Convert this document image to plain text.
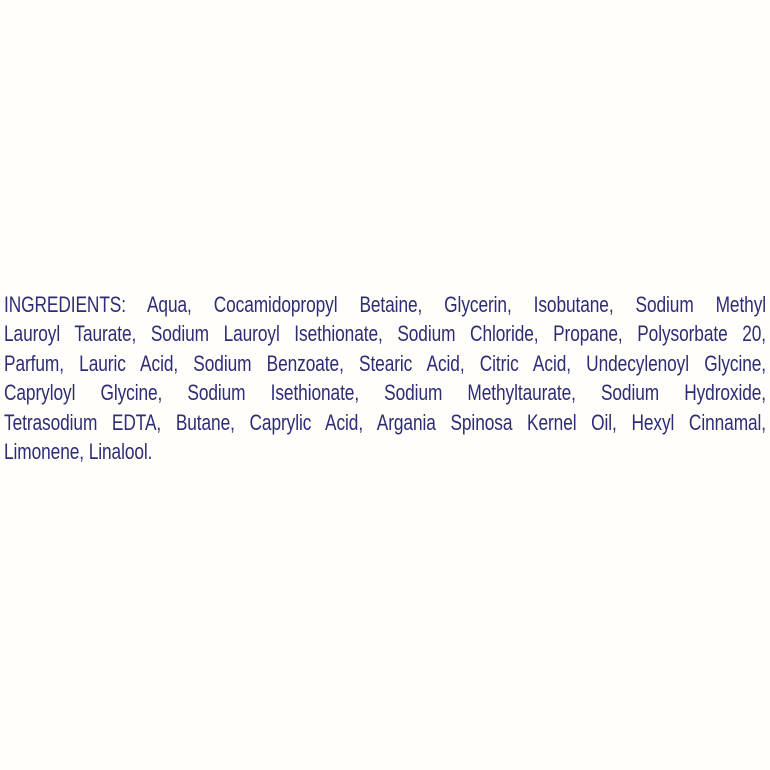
INGREDIENTS: Aqua, Cocamidopropyl Betaine, Glycerin, Isobutane, Sodium Methyl
Lauroyl Taurate, Sodium Lauroyl Isethionate, Sodium Chloride, Propane, Polysorbate 20,
Parfum, Lauric Acid, Sodium Benzoate, Stearic Acid, Citric Acid, Undecylenoyl Glycine,
Capryloyl Glycine, Sodium Isethionate, Sodium Methyltaurate, Sodium Hydroxide,
Tetrasodium EDTA, Butane, Caprylic Acid, Argania Spinosa Kernel Oil, Hexyl Cinnamal,
Limonene, Linalool.
